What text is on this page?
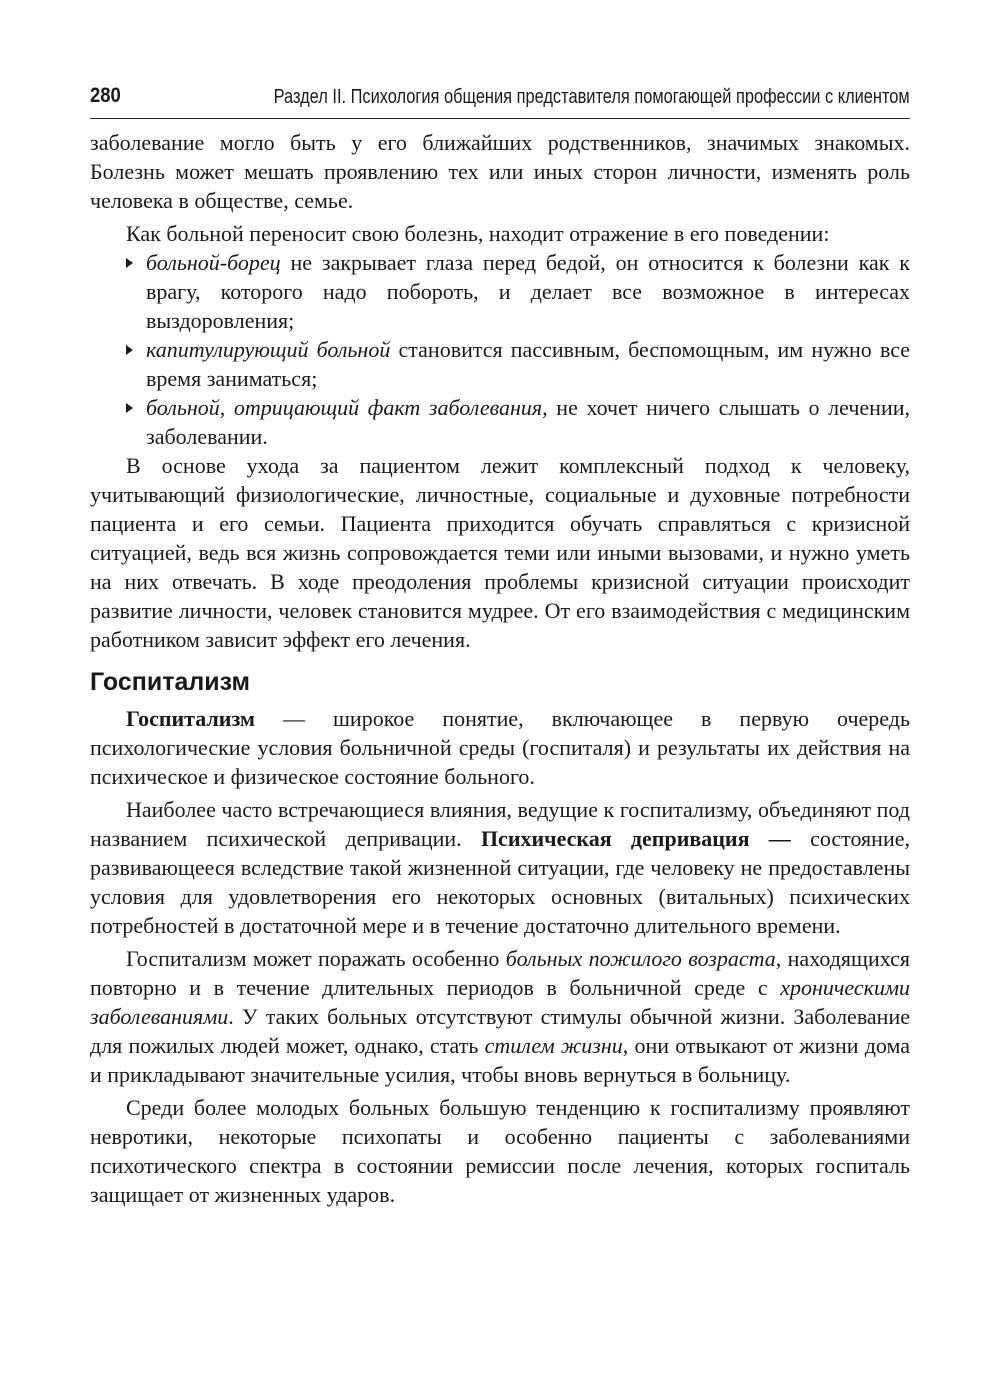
280	Раздел II. Психология общения представителя помогающей профессии с клиентом

заболевание могло быть у его ближайших родственников, значимых знакомых. Болезнь может мешать проявлению тех или иных сторон личности, изменять роль человека в обществе, семье.

Как больной переносит свою болезнь, находит отражение в его поведении:

больной-борец не закрывает глаза перед бедой, он относится к болезни как к врагу, которого надо побороть, и делает все возможное в интересах выздоровления;
капитулирующий больной становится пассивным, беспомощным, им нужно все время заниматься;
больной, отрицающий факт заболевания, не хочет ничего слышать о лечении, заболевании.

В основе ухода за пациентом лежит комплексный подход к человеку, учитывающий физиологические, личностные, социальные и духовные потребности пациента и его семьи. Пациента приходится обучать справляться с кризисной ситуацией, ведь вся жизнь сопровождается теми или иными вызовами, и нужно уметь на них отвечать. В ходе преодоления проблемы кризисной ситуации происходит развитие личности, человек становится мудрее. От его взаимодействия с медицинским работником зависит эффект его лечения.

Госпитализм

Госпитализм — широкое понятие, включающее в первую очередь психологические условия больничной среды (госпиталя) и результаты их действия на психическое и физическое состояние больного.

Наиболее часто встречающиеся влияния, ведущие к госпитализму, объединяют под названием психической депривации. Психическая депривация — состояние, развивающееся вследствие такой жизненной ситуации, где человеку не предоставлены условия для удовлетворения его некоторых основных (витальных) психических потребностей в достаточной мере и в течение достаточно длительного времени.

Госпитализм может поражать особенно больных пожилого возраста, находящихся повторно и в течение длительных периодов в больничной среде с хроническими заболеваниями. У таких больных отсутствуют стимулы обычной жизни. Заболевание для пожилых людей может, однако, стать стилем жизни, они отвыкают от жизни дома и прикладывают значительные усилия, чтобы вновь вернуться в больницу.

Среди более молодых больных большую тенденцию к госпитализму проявляют невротики, некоторые психопаты и особенно пациенты с заболеваниями психотического спектра в состоянии ремиссии после лечения, которых госпиталь защищает от жизненных ударов.
